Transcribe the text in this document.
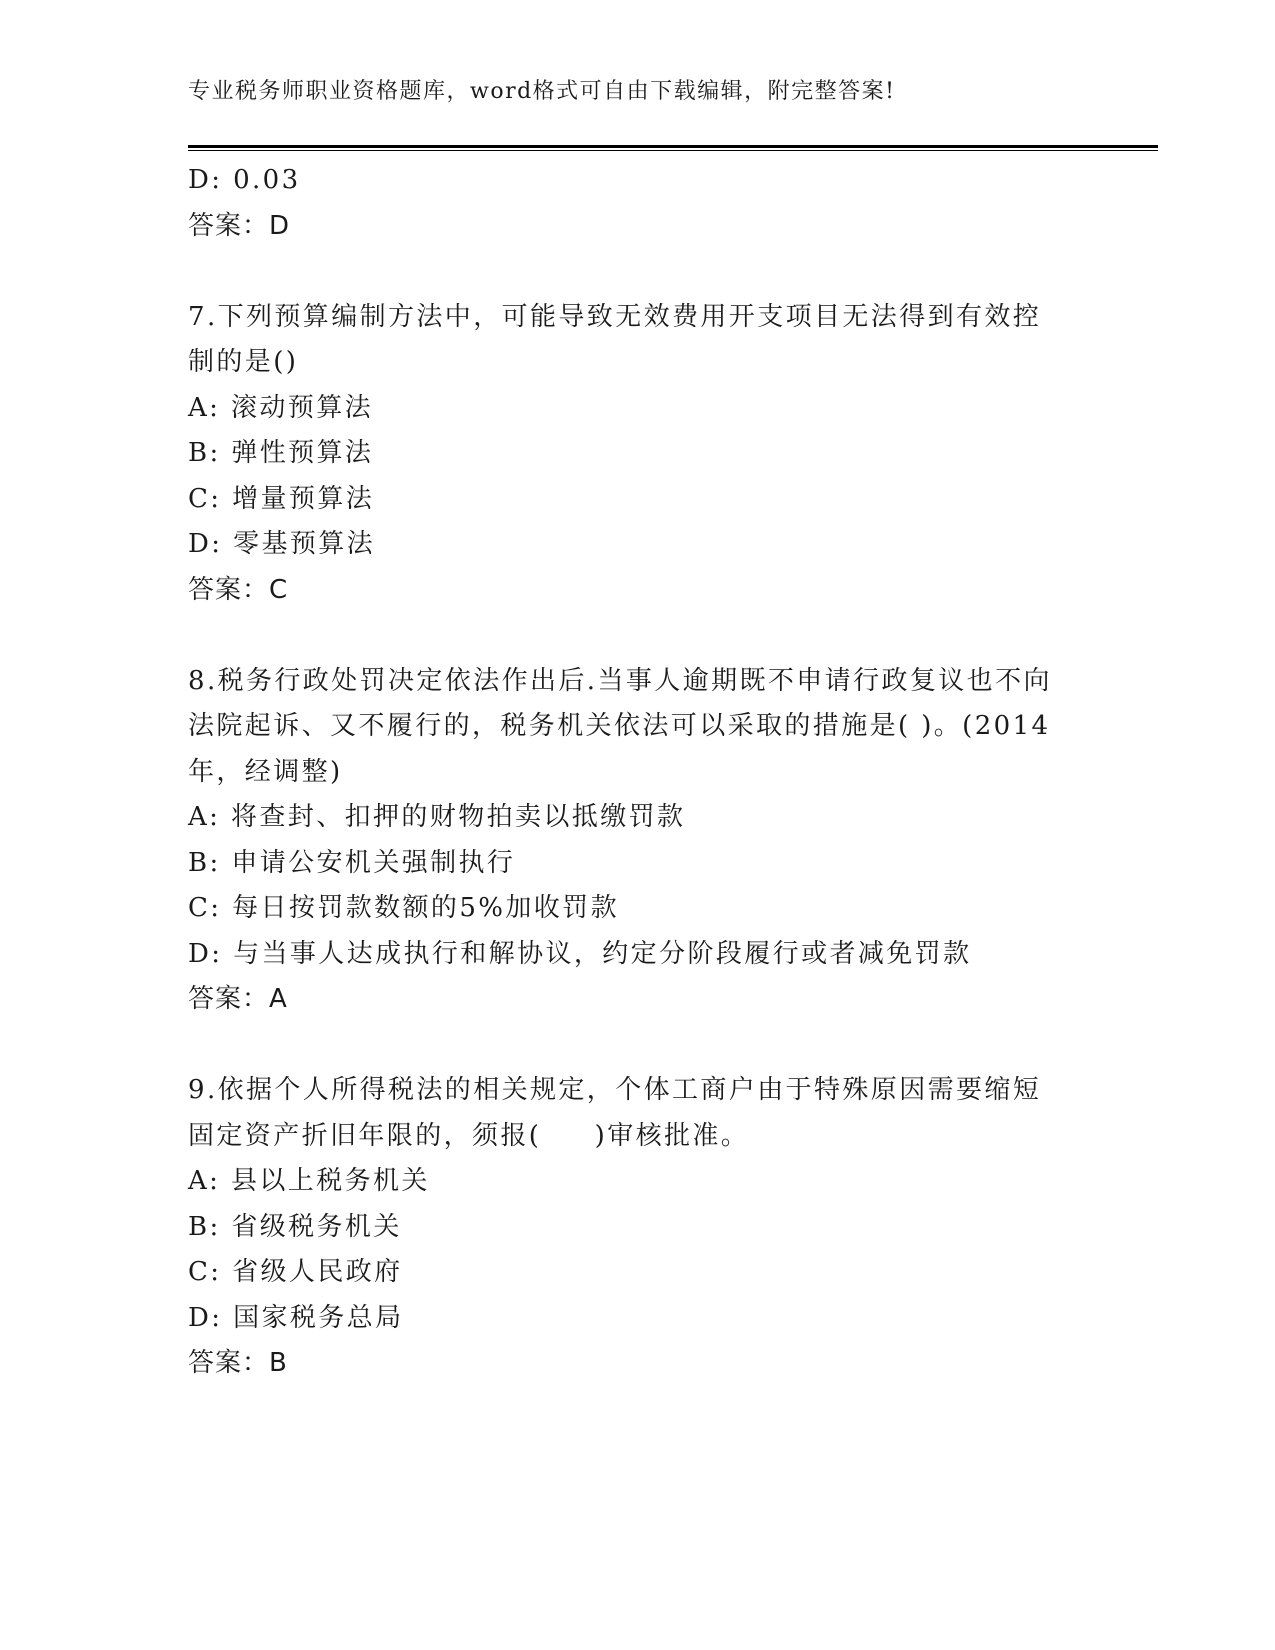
专业税务师职业资格题库，word格式可自由下载编辑，附完整答案!
D: 0.03
答案：D
7.下列预算编制方法中，可能导致无效费用开支项目无法得到有效控制的是()
A: 滚动预算法
B: 弹性预算法
C: 增量预算法
D: 零基预算法
答案：C
8.税务行政处罚决定依法作出后.当事人逾期既不申请行政复议也不向法院起诉、又不履行的，税务机关依法可以采取的措施是( )。(2014年，经调整)
A: 将查封、扣押的财物拍卖以抵缴罚款
B: 申请公安机关强制执行
C: 每日按罚款数额的5%加收罚款
D: 与当事人达成执行和解协议，约定分阶段履行或者减免罚款
答案：A
9.依据个人所得税法的相关规定，个体工商户由于特殊原因需要缩短固定资产折旧年限的，须报(     )审核批准。
A: 县以上税务机关
B: 省级税务机关
C: 省级人民政府
D: 国家税务总局
答案：B
